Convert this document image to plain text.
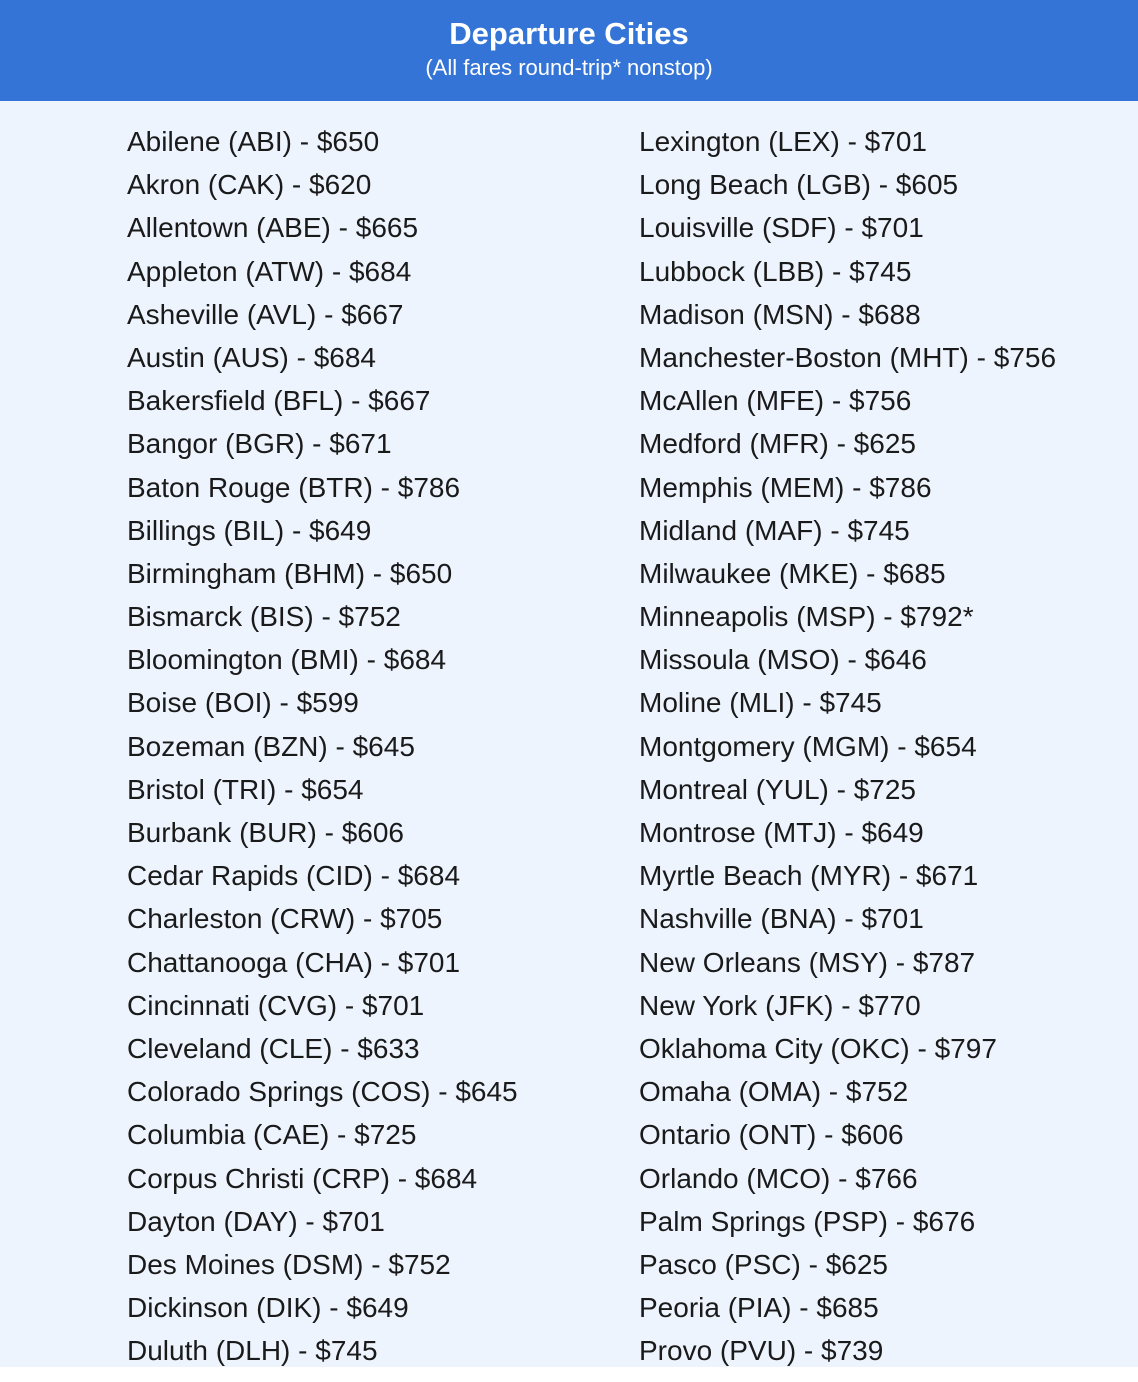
Departure Cities
(All fares round-trip* nonstop)
Abilene (ABI) - $650
Akron (CAK) - $620
Allentown (ABE) - $665
Appleton (ATW) - $684
Asheville (AVL) - $667
Austin (AUS) - $684
Bakersfield (BFL) - $667
Bangor (BGR) - $671
Baton Rouge (BTR) - $786
Billings (BIL) - $649
Birmingham (BHM) - $650
Bismarck (BIS) - $752
Bloomington (BMI) - $684
Boise (BOI) - $599
Bozeman (BZN) - $645
Bristol (TRI) - $654
Burbank (BUR) - $606
Cedar Rapids (CID) - $684
Charleston (CRW) - $705
Chattanooga (CHA) - $701
Cincinnati (CVG) - $701
Cleveland (CLE) - $633
Colorado Springs (COS) - $645
Columbia (CAE) - $725
Corpus Christi (CRP) - $684
Dayton (DAY) - $701
Des Moines (DSM) - $752
Dickinson (DIK) - $649
Duluth (DLH) - $745
Lexington (LEX) - $701
Long Beach (LGB) - $605
Louisville (SDF) - $701
Lubbock (LBB) - $745
Madison (MSN) - $688
Manchester-Boston (MHT) - $756
McAllen (MFE) - $756
Medford (MFR) - $625
Memphis (MEM) - $786
Midland (MAF) - $745
Milwaukee (MKE) - $685
Minneapolis (MSP) - $792*
Missoula (MSO) - $646
Moline (MLI) - $745
Montgomery (MGM) - $654
Montreal (YUL) - $725
Montrose (MTJ) - $649
Myrtle Beach (MYR) - $671
Nashville (BNA) - $701
New Orleans (MSY) - $787
New York (JFK) - $770
Oklahoma City (OKC) - $797
Omaha (OMA) - $752
Ontario (ONT) - $606
Orlando (MCO) - $766
Palm Springs (PSP) - $676
Pasco (PSC) - $625
Peoria (PIA) - $685
Provo (PVU) - $739
